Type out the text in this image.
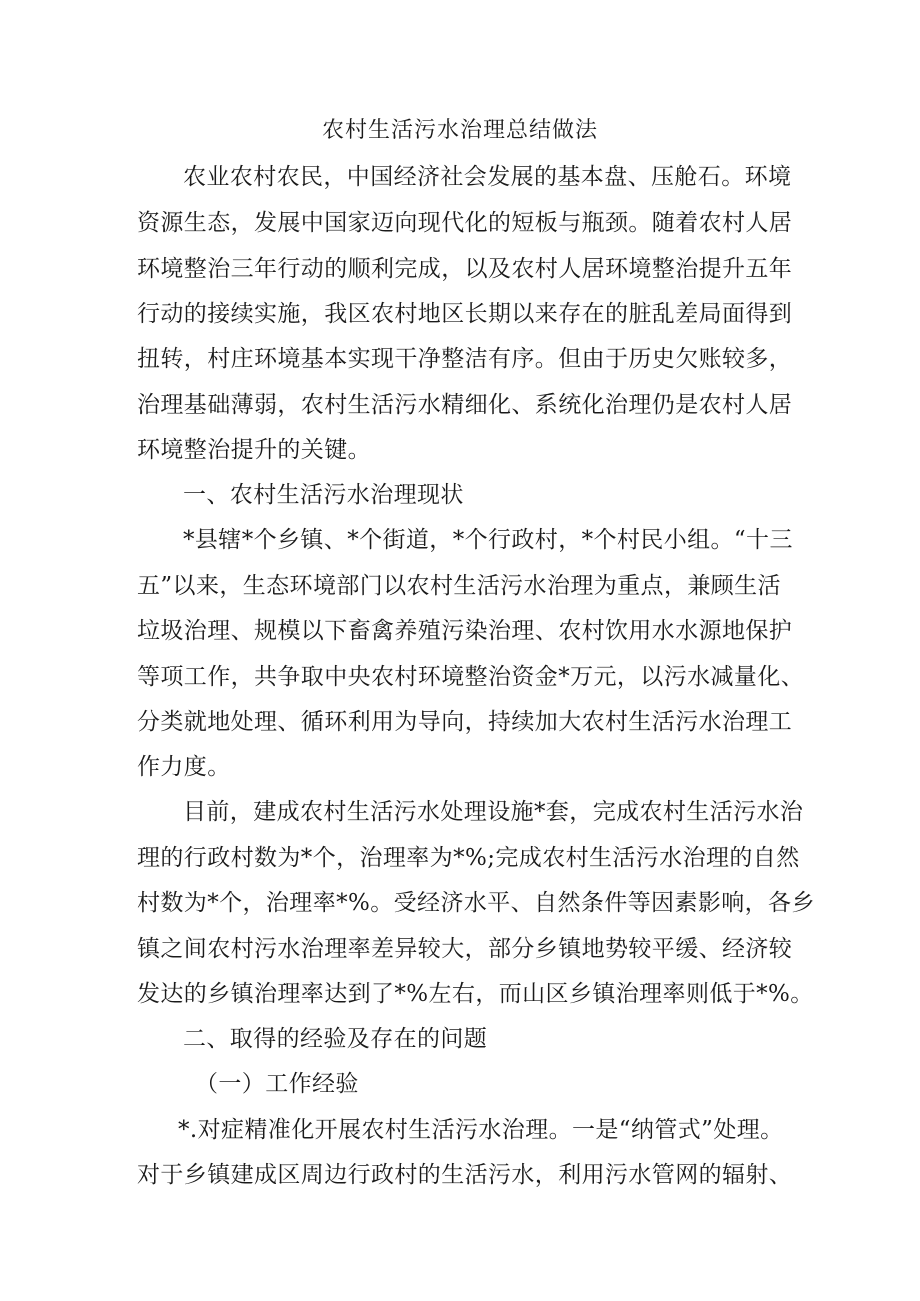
农村生活污水治理总结做法
农业农村农民，中国经济社会发展的基本盘、压舱石。环境
资源生态，发展中国家迈向现代化的短板与瓶颈。随着农村人居
环境整治三年行动的顺利完成，以及农村人居环境整治提升五年
行动的接续实施，我区农村地区长期以来存在的脏乱差局面得到
扭转，村庄环境基本实现干净整洁有序。但由于历史欠账较多，
治理基础薄弱，农村生活污水精细化、系统化治理仍是农村人居
环境整治提升的关键。
一、农村生活污水治理现状
*县辖*个乡镇、*个街道，*个行政村，*个村民小组。“十三
五”以来，生态环境部门以农村生活污水治理为重点，兼顾生活
垃圾治理、规模以下畜禽养殖污染治理、农村饮用水水源地保护
等项工作，共争取中央农村环境整治资金*万元，以污水减量化、
分类就地处理、循环利用为导向，持续加大农村生活污水治理工
作力度。
目前，建成农村生活污水处理设施*套，完成农村生活污水治
理的行政村数为*个，治理率为*%;完成农村生活污水治理的自然
村数为*个，治理率*%。受经济水平、自然条件等因素影响，各乡
镇之间农村污水治理率差异较大，部分乡镇地势较平缓、经济较
发达的乡镇治理率达到了*%左右，而山区乡镇治理率则低于*%。
二、取得的经验及存在的问题
（一）工作经验
*.对症精准化开展农村生活污水治理。一是“纳管式”处理。
对于乡镇建成区周边行政村的生活污水，利用污水管网的辐射、
